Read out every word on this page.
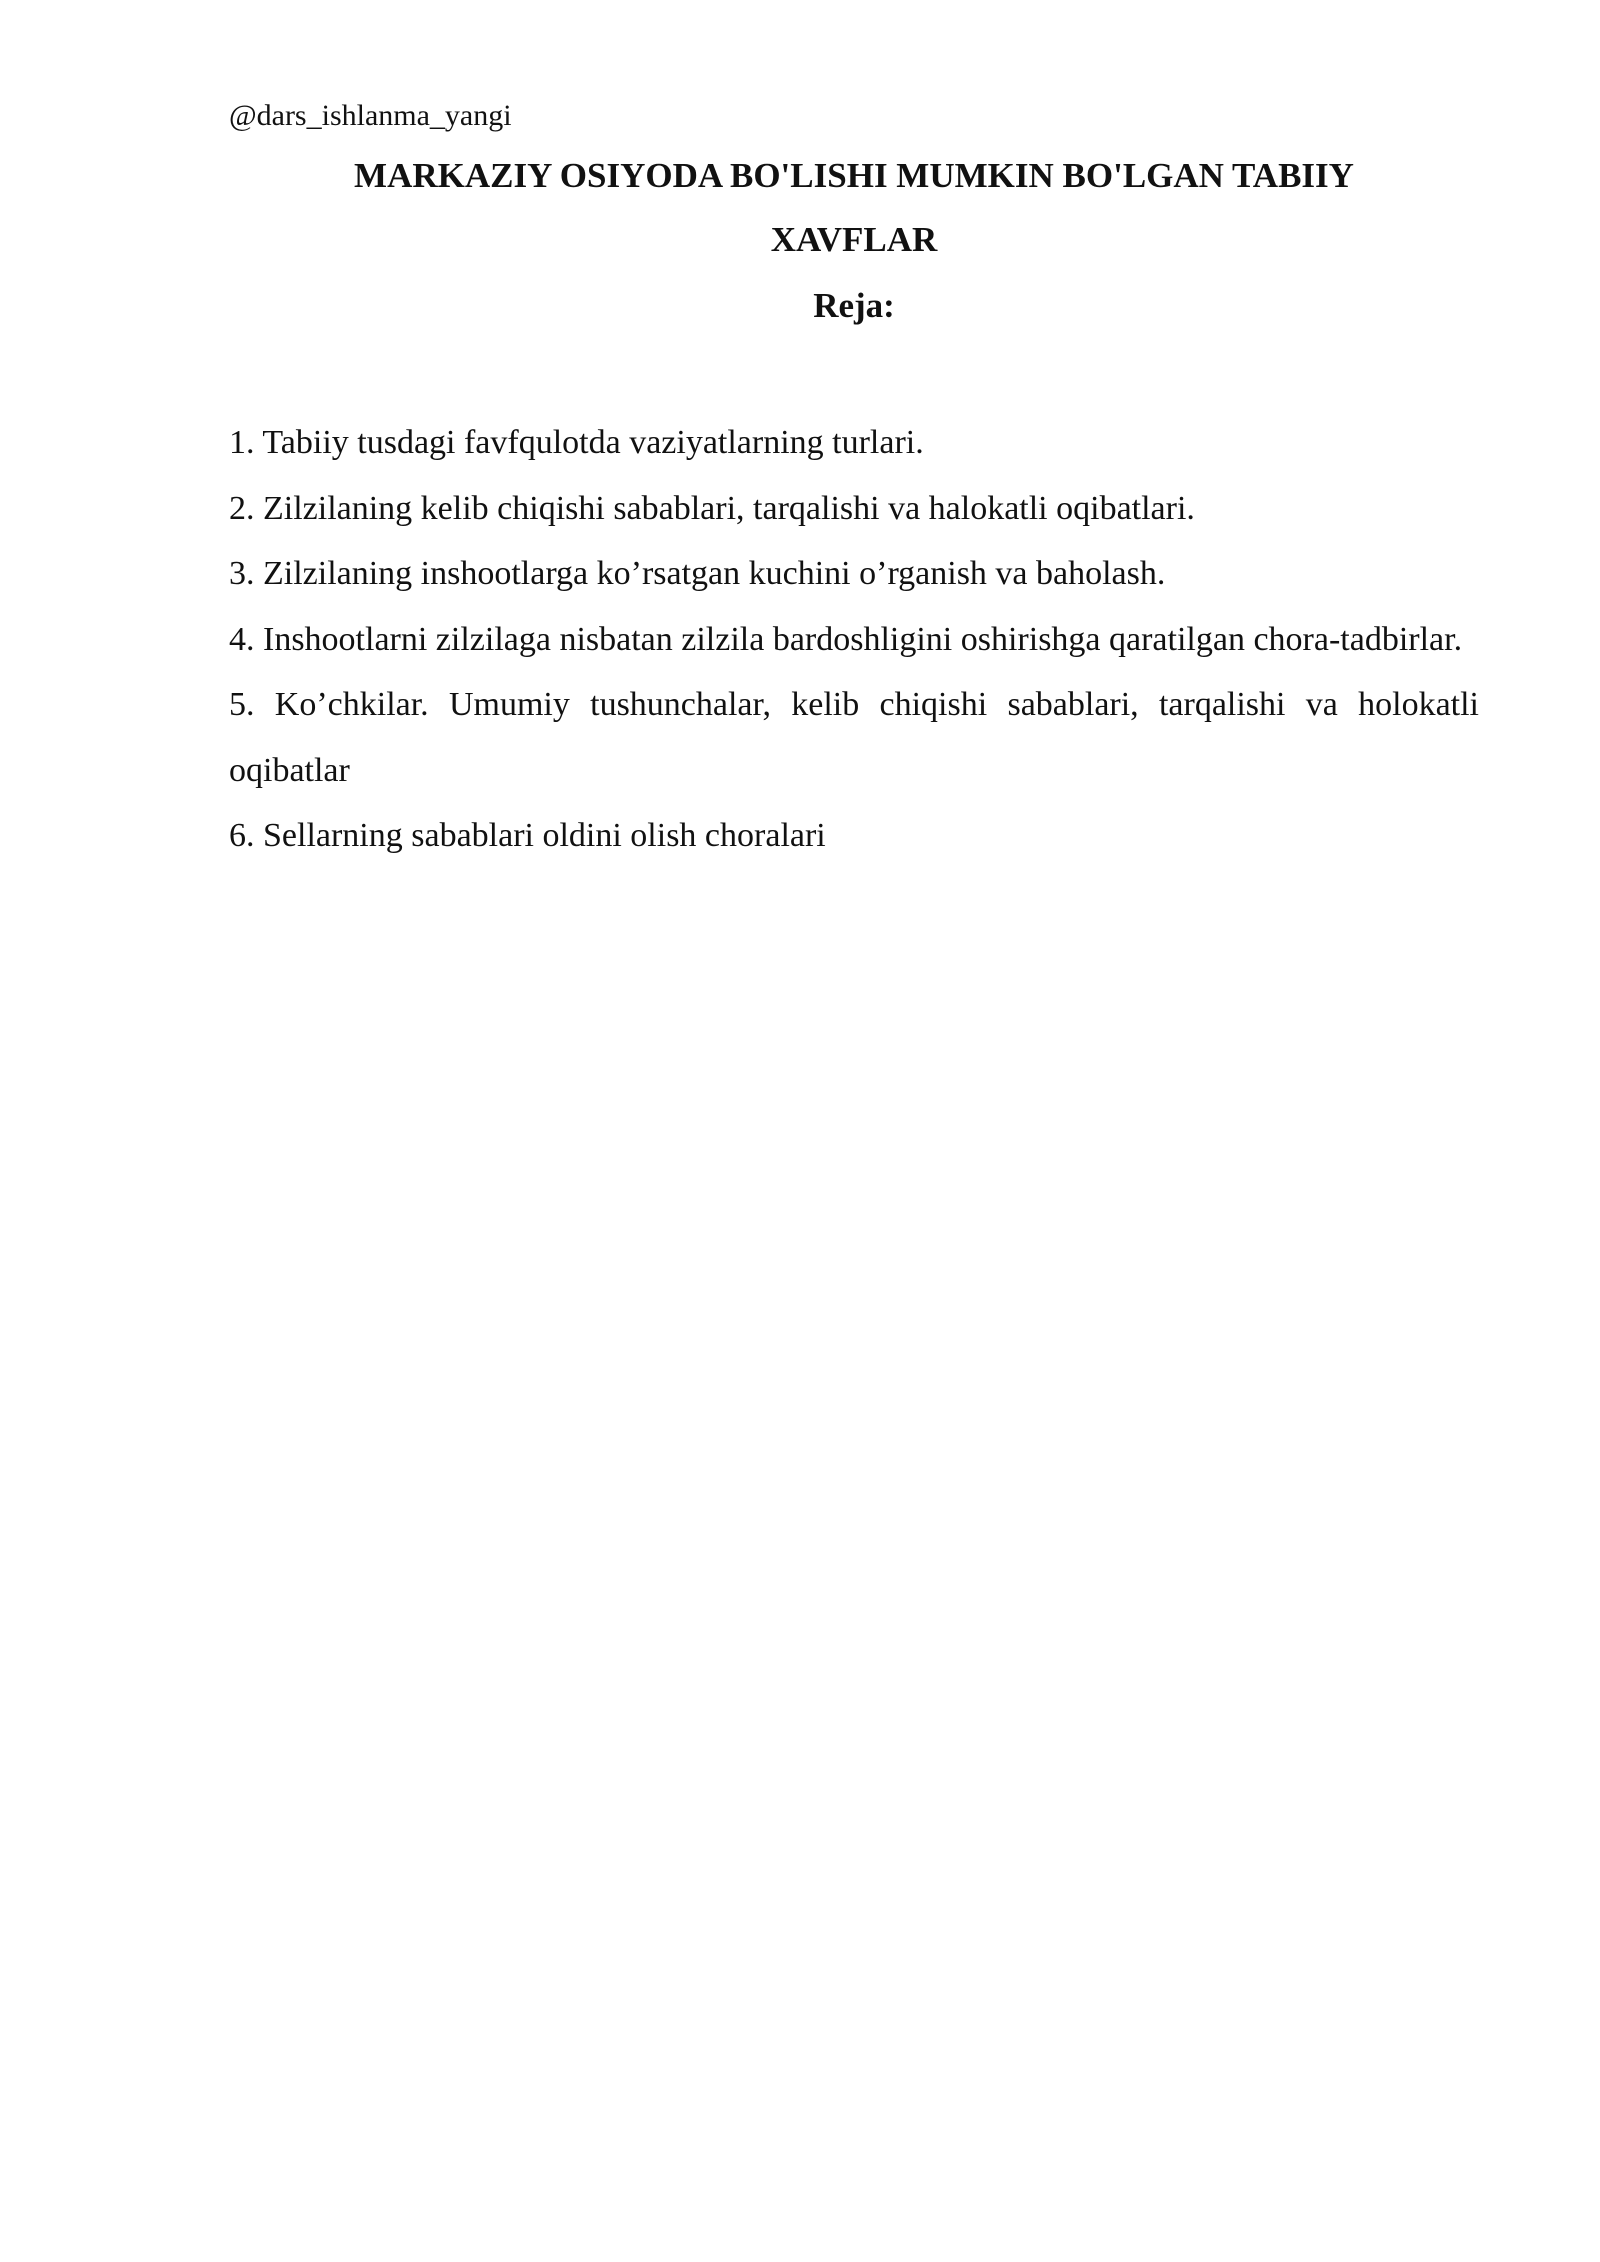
@dars_ishlanma_yangi
MARKAZIY OSIYODA BO'LISHI MUMKIN BO'LGAN TABIIY
XAVFLAR
Reja:
1. Tabiiy tusdagi favfqulotda vaziyatlarning turlari.
2. Zilzilaning kelib chiqishi sabablari, tarqalishi va halokatli oqibatlari.
3. Zilzilaning inshootlarga ko’rsatgan kuchini o’rganish va baholash.
4. Inshootlarni zilzilaga nisbatan zilzila bardoshligini oshirishga qaratilgan chora-tadbirlar.
5. Ko’chkilar. Umumiy tushunchalar, kelib chiqishi sabablari, tarqalishi va holokatli oqibatlar
6. Sellarning sabablari oldini olish choralari
